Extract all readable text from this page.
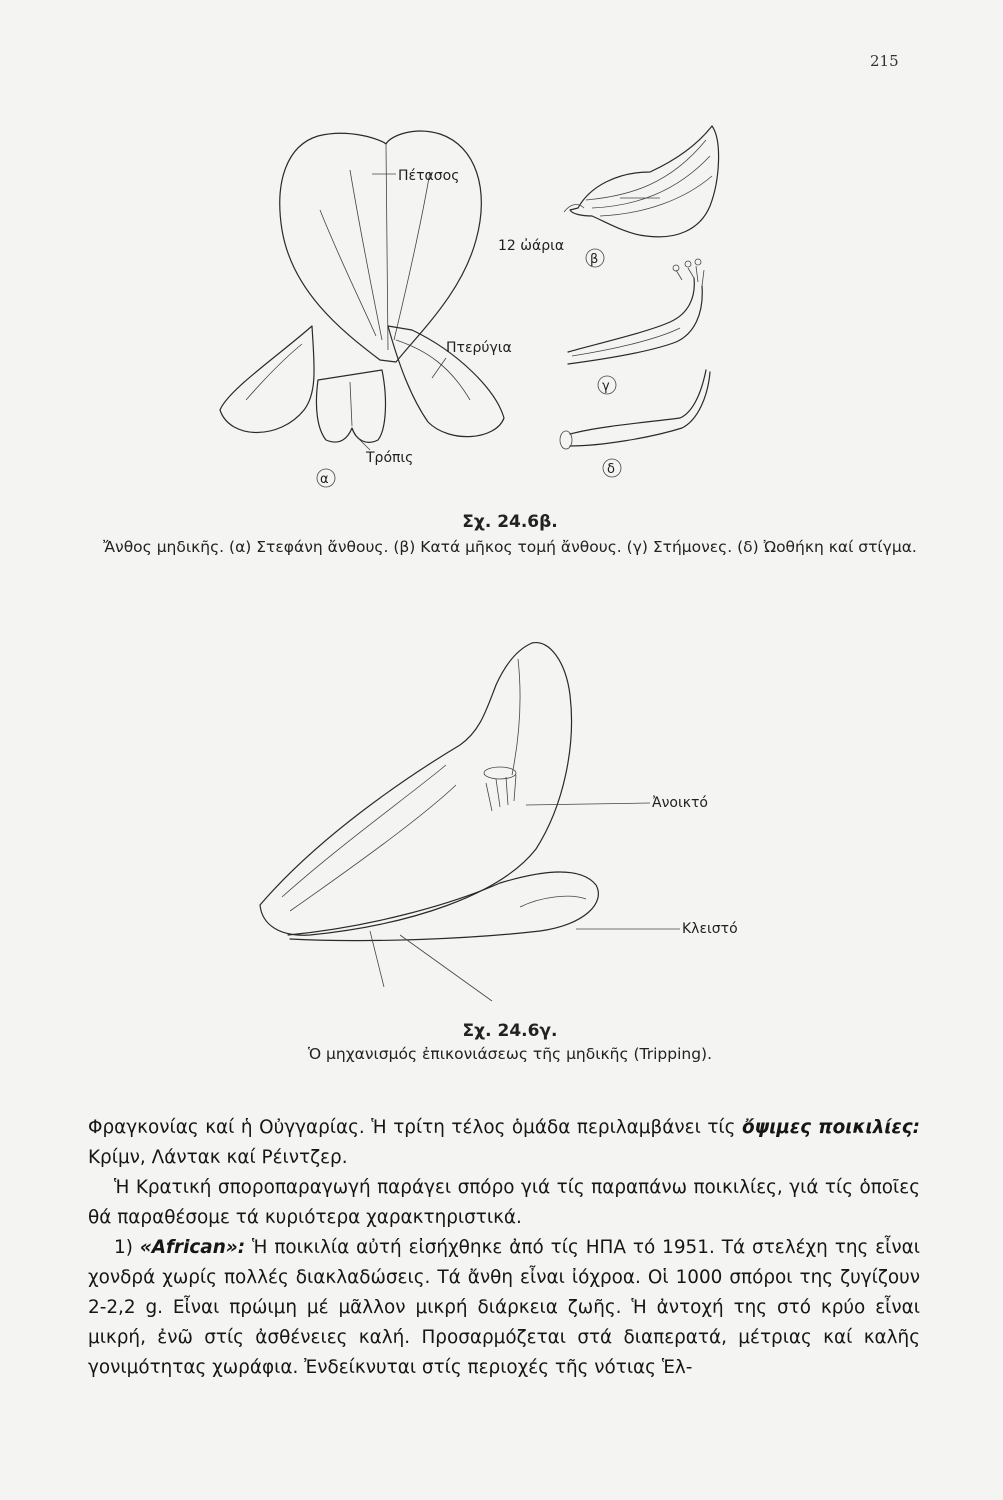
215
Πέτασος
12 ὠάρια
Πτερύγια
Τρόπις
α
β
γ
δ
Σχ. 24.6β.
Ἄνθος μηδικῆς. (α) Στεφάνη ἄνθους. (β) Κατά μῆκος τομή ἄνθους. (γ) Στήμονες. (δ) Ὠοθήκη καί στίγμα.
Ἀνοικτό
Κλειστό
Σχ. 24.6γ.
Ὁ μηχανισμός ἐπικονιάσεως τῆς μηδικῆς (Tripping).

Φραγκονίας καί ἡ Οὐγγαρίας. Ἡ τρίτη τέλος ὁμάδα περιλαμβάνει τίς ὄψιμες ποικιλίες: Κρίμν, Λάντακ καί Ρέιντζερ.

Ἡ Κρατική σποροπαραγωγή παράγει σπόρο γιά τίς παραπάνω ποικιλίες, γιά τίς ὁποῖες θά παραθέσομε τά κυριότερα χαρακτηριστικά.

1) «African»: Ἡ ποικιλία αὐτή εἰσήχθηκε ἀπό τίς ΗΠΑ τό 1951. Τά στελέχη της εἶναι χονδρά χωρίς πολλές διακλαδώσεις. Τά ἄνθη εἶναι ἰόχροα. Οἱ 1000 σπόροι της ζυγίζουν 2-2,2 g. Εἶναι πρώιμη μέ μᾶλλον μικρή διάρκεια ζωῆς. Ἡ ἀντοχή της στό κρύο εἶναι μικρή, ἐνῶ στίς ἀσθένειες καλή. Προσαρμόζεται στά διαπερατά, μέτριας καί καλῆς γονιμότητας χωράφια. Ἐνδείκνυται στίς περιοχές τῆς νότιας Ἑλ-
